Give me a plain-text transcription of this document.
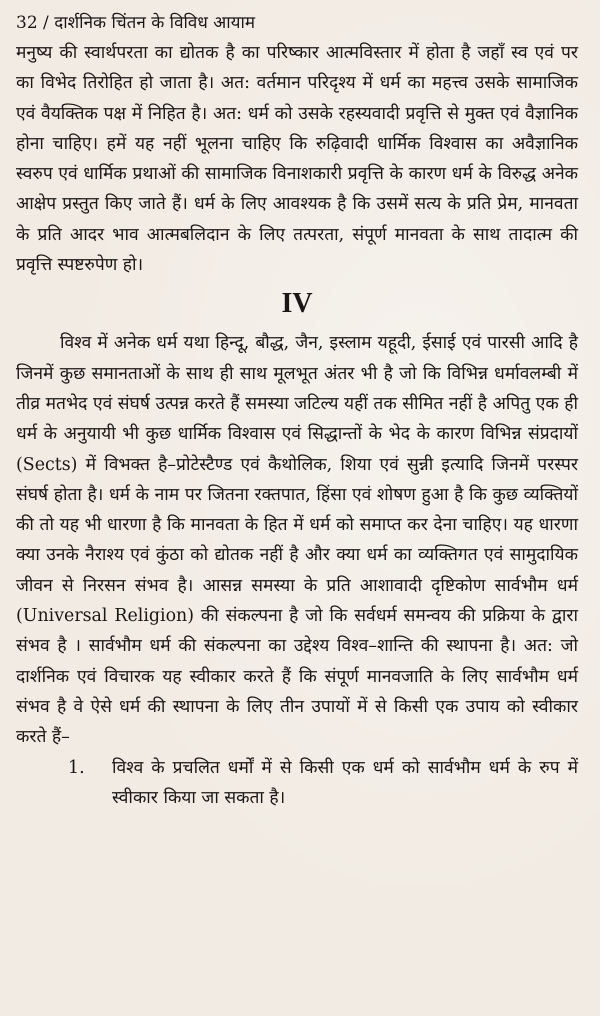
32 / दार्शनिक चिंतन के विविध आयाम

मनुष्य की स्वार्थपरता का द्योतक है का परिष्कार आत्मविस्तार में होता है जहाँ स्व एवं पर का विभेद तिरोहित हो जाता है। अत: वर्तमान परिदृश्य में धर्म का महत्त्व उसके सामाजिक एवं वैयक्तिक पक्ष में निहित है। अत: धर्म को उसके रहस्यवादी प्रवृत्ति से मुक्त एवं वैज्ञानिक होना चाहिए। हमें यह नहीं भूलना चाहिए कि रुढ़िवादी धार्मिक विश्वास का अवैज्ञानिक स्वरुप एवं धार्मिक प्रथाओं की सामाजिक विनाशकारी प्रवृत्ति के कारण धर्म के विरुद्ध अनेक आक्षेप प्रस्तुत किए जाते हैं। धर्म के लिए आवश्यक है कि उसमें सत्य के प्रति प्रेम, मानवता के प्रति आदर भाव आत्मबलिदान के लिए तत्परता, संपूर्ण मानवता के साथ तादात्म की प्रवृत्ति स्पष्टरुपेण हो।

IV

विश्व में अनेक धर्म यथा हिन्दू, बौद्ध, जैन, इस्लाम यहूदी, ईसाई एवं पारसी आदि है जिनमें कुछ समानताओं के साथ ही साथ मूलभूत अंतर भी है जो कि विभिन्न धर्मावलम्बी में तीव्र मतभेद एवं संघर्ष उत्पन्न करते हैं समस्या जटिल्य यहीं तक सीमित नहीं है अपितु एक ही धर्म के अनुयायी भी कुछ धार्मिक विश्वास एवं सिद्धान्तों के भेद के कारण विभिन्न संप्रदायों (Sects) में विभक्त है–प्रोटेस्टैण्ड एवं कैथोलिक, शिया एवं सुन्नी इत्यादि जिनमें परस्पर संघर्ष होता है। धर्म के नाम पर जितना रक्तपात, हिंसा एवं शोषण हुआ है कि कुछ व्यक्तियों की तो यह भी धारणा है कि मानवता के हित में धर्म को समाप्त कर देना चाहिए। यह धारणा क्या उनके नैराश्य एवं कुंठा को द्योतक नहीं है और क्या धर्म का व्यक्तिगत एवं सामुदायिक जीवन से निरसन संभव है। आसन्न समस्या के प्रति आशावादी दृष्टिकोण सार्वभौम धर्म (Universal Religion) की संकल्पना है जो कि सर्वधर्म समन्वय की प्रक्रिया के द्वारा संभव है । सार्वभौम धर्म की संकल्पना का उद्देश्य विश्व–शान्ति की स्थापना है। अत: जो दार्शनिक एवं विचारक यह स्वीकार करते हैं कि संपूर्ण मानवजाति के लिए सार्वभौम धर्म संभव है वे ऐसे धर्म की स्थापना के लिए तीन उपायों में से किसी एक उपाय को स्वीकार करते हैं–

1.	विश्व के प्रचलित धर्मों में से किसी एक धर्म को सार्वभौम धर्म के रुप में स्वीकार किया जा सकता है।
